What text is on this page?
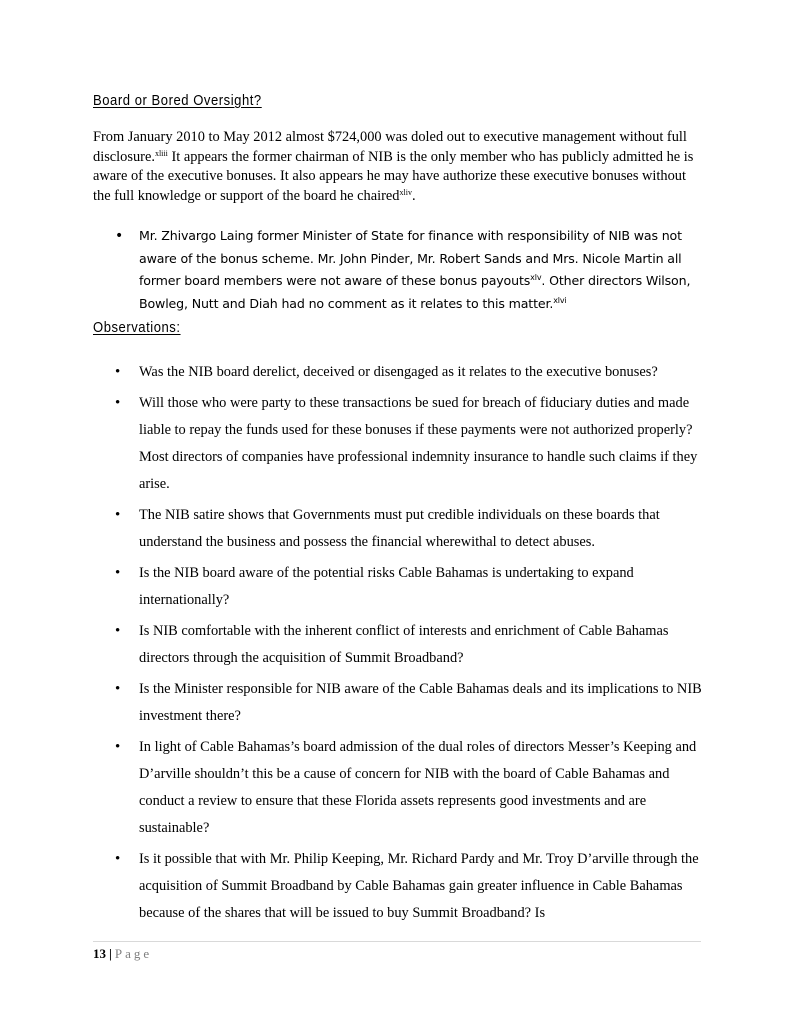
Board or Bored Oversight?
From January 2010 to May 2012 almost $724,000 was doled out to executive management without full disclosure.$^{xliii}$ It appears the former chairman of NIB is the only member who has publicly admitted he is aware of the executive bonuses. It also appears he may have authorize these executive bonuses without the full knowledge or support of the board he chaired$^{xliv}$.
• Mr. Zhivargo Laing former Minister of State for finance with responsibility of NIB was not aware of the bonus scheme. Mr. John Pinder, Mr. Robert Sands and Mrs. Nicole Martin all former board members were not aware of these bonus payouts$^{xlv}$. Other directors Wilson, Bowleg, Nutt and Diah had no comment as it relates to this matter.$^{xlvi}$
Observations:
• Was the NIB board derelict, deceived or disengaged as it relates to the executive bonuses?
• Will those who were party to these transactions be sued for breach of fiduciary duties and made liable to repay the funds used for these bonuses if these payments were not authorized properly? Most directors of companies have professional indemnity insurance to handle such claims if they arise.
• The NIB satire shows that Governments must put credible individuals on these boards that understand the business and possess the financial wherewithal to detect abuses.
• Is the NIB board aware of the potential risks Cable Bahamas is undertaking to expand internationally?
• Is NIB comfortable with the inherent conflict of interests and enrichment of Cable Bahamas directors through the acquisition of Summit Broadband?
• Is the Minister responsible for NIB aware of the Cable Bahamas deals and its implications to NIB investment there?
• In light of Cable Bahamas’s board admission of the dual roles of directors Messer’s Keeping and D’arville shouldn’t this be a cause of concern for NIB with the board of Cable Bahamas and conduct a review to ensure that these Florida assets represents good investments and are sustainable?
• Is it possible that with Mr. Philip Keeping, Mr. Richard Pardy and Mr. Troy D’arville through the acquisition of Summit Broadband by Cable Bahamas gain greater influence in Cable Bahamas because of the shares that will be issued to buy Summit Broadband? Is
13 | Page
